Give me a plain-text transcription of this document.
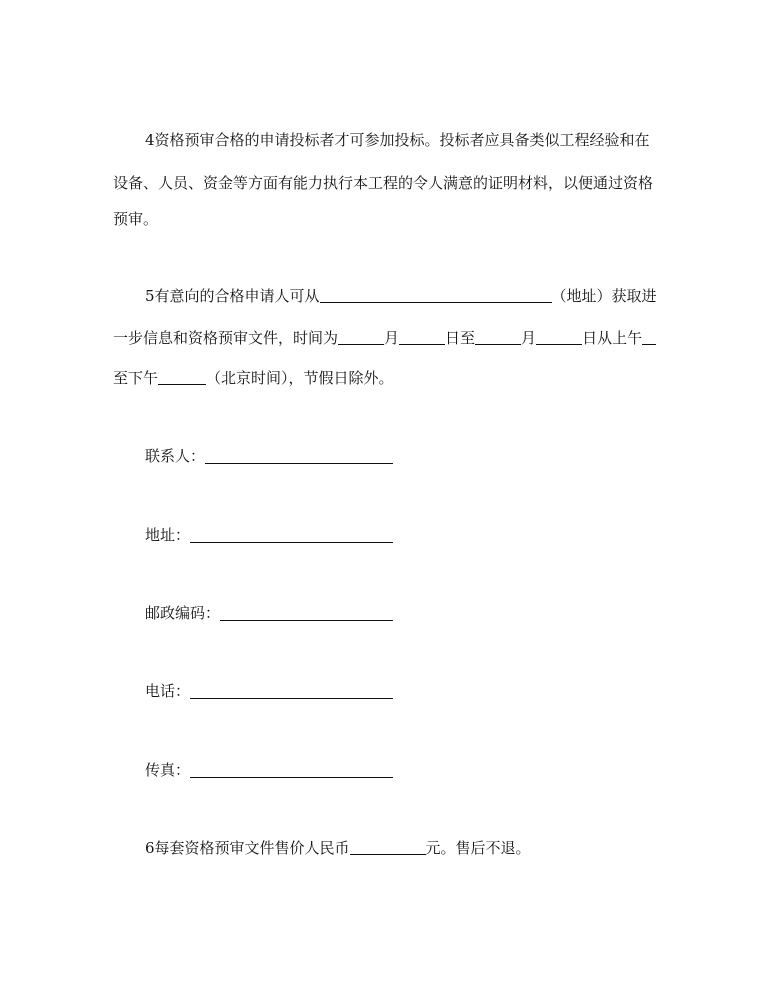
4资格预审合格的申请投标者才可参加投标。投标者应具备类似工程经验和在
设备、人员、资金等方面有能力执行本工程的令人满意的证明材料，以便通过资格
预审。
5有意向的合格申请人可从	（地址）获取进
一步信息和资格预审文件，时间为	月	日至	月	日从上午
至下午	（北京时间），节假日除外。
联系人：
地址：
邮政编码：
电话：
传真：
6每套资格预审文件售价人民币	元。售后不退。
